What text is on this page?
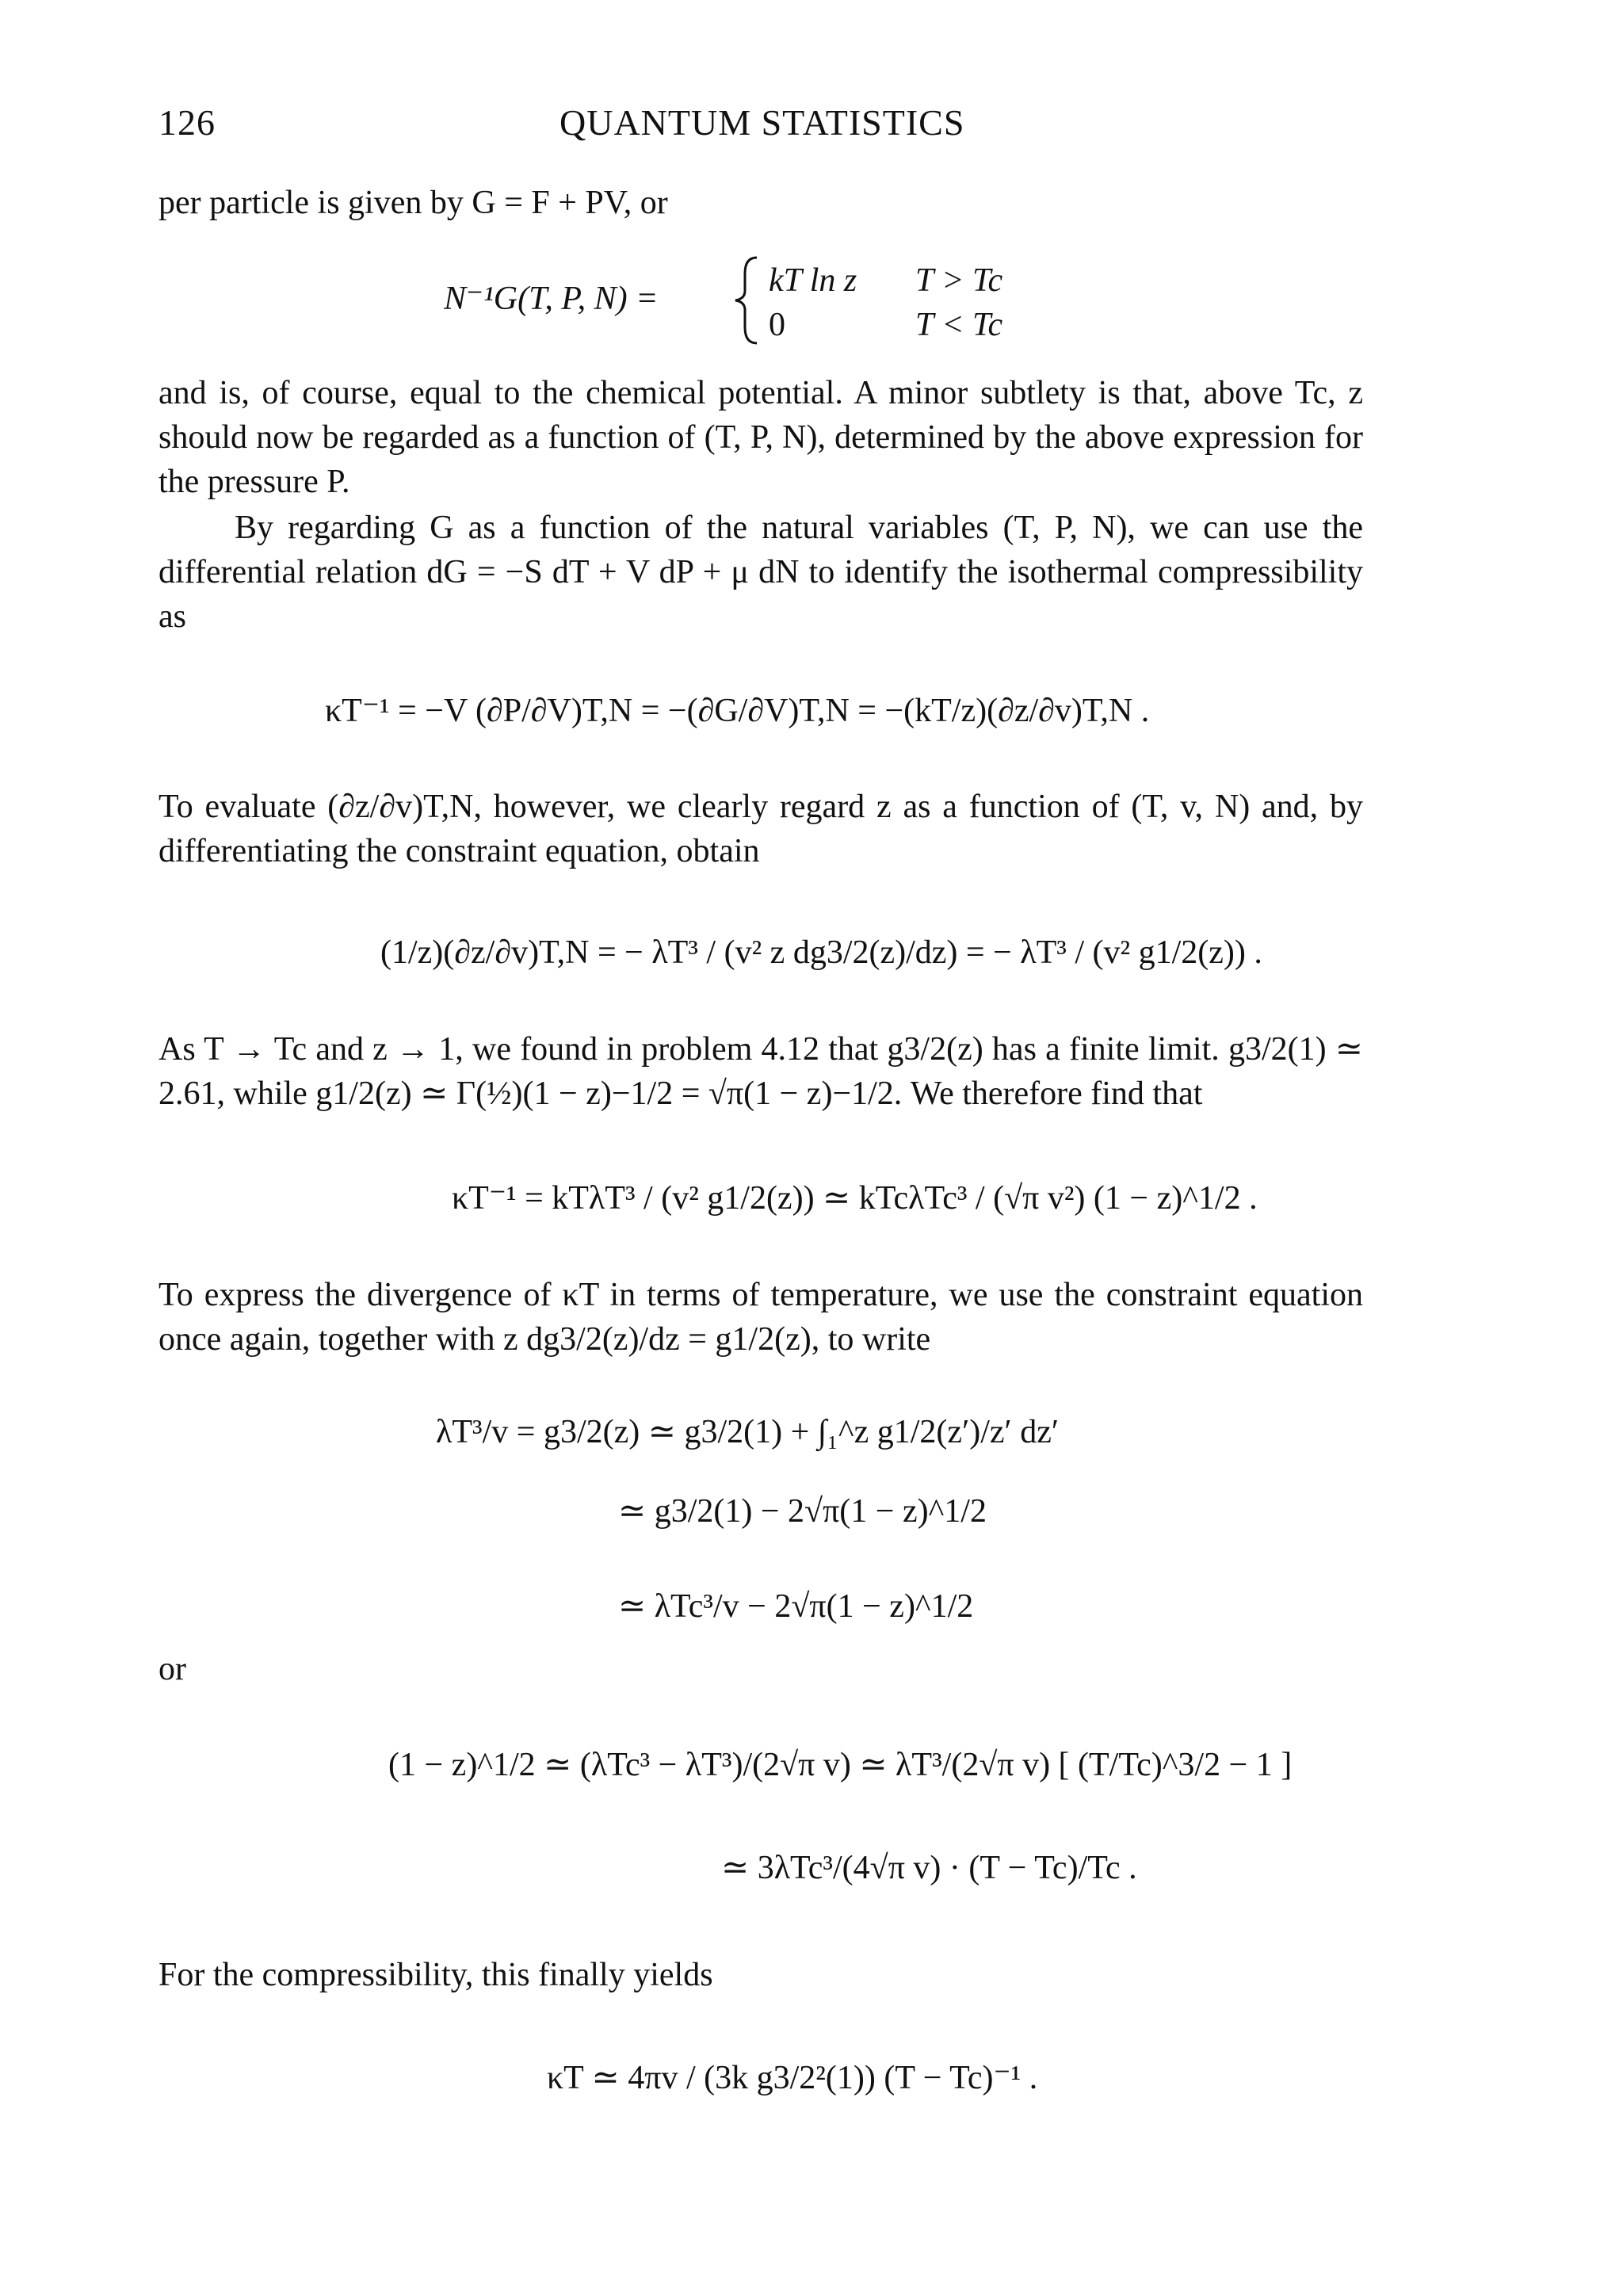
126	QUANTUM STATISTICS
per particle is given by G = F + PV, or
N⁻¹G(T, P, N) =	kT ln z T > Tc
0	T < Tc
and is, of course, equal to the chemical potential. A minor subtlety is that, above Tc, z should now be regarded as a function of (T, P, N), determined by the above expression for the pressure P.
By regarding G as a function of the natural variables (T, P, N), we can use the differential relation dG = −S dT + V dP + μ dN to identify the isothermal compressibility as
κT⁻¹ = −V (∂P/∂V)T,N = −(∂G/∂V)T,N = −(kT/z)(∂z/∂v)T,N .
To evaluate (∂z/∂v)T,N, however, we clearly regard z as a function of (T, v, N) and, by differentiating the constraint equation, obtain
(1/z)(∂z/∂v)T,N = − λT³ / (v² z dg3/2(z)/dz) = − λT³ / (v² g1/2(z)) .
As T → Tc and z → 1, we found in problem 4.12 that g3/2(z) has a finite limit. g3/2(1) ≃ 2.61, while g1/2(z) ≃ Γ(½)(1 − z)−1/2 = √π(1 − z)−1/2. We therefore find that
κT⁻¹ = kTλT³ / (v² g1/2(z)) ≃ kTcλTc³ / (√π v²) (1 − z)^1/2 .
To express the divergence of κT in terms of temperature, we use the constraint equation once again, together with z dg3/2(z)/dz = g1/2(z), to write
λT³/v = g3/2(z) ≃ g3/2(1) + ∫₁^z g1/2(z′)/z′ dz′
≃ g3/2(1) − 2√π(1 − z)^1/2
≃ λTc³/v − 2√π(1 − z)^1/2
or
(1 − z)^1/2 ≃ (λTc³ − λT³)/(2√π v) ≃ λT³/(2√π v) [ (T/Tc)^3/2 − 1 ]
≃ 3λTc³/(4√π v) · (T − Tc)/Tc .
For the compressibility, this finally yields
κT ≃ 4πv / (3k g3/2²(1)) (T − Tc)⁻¹ .
